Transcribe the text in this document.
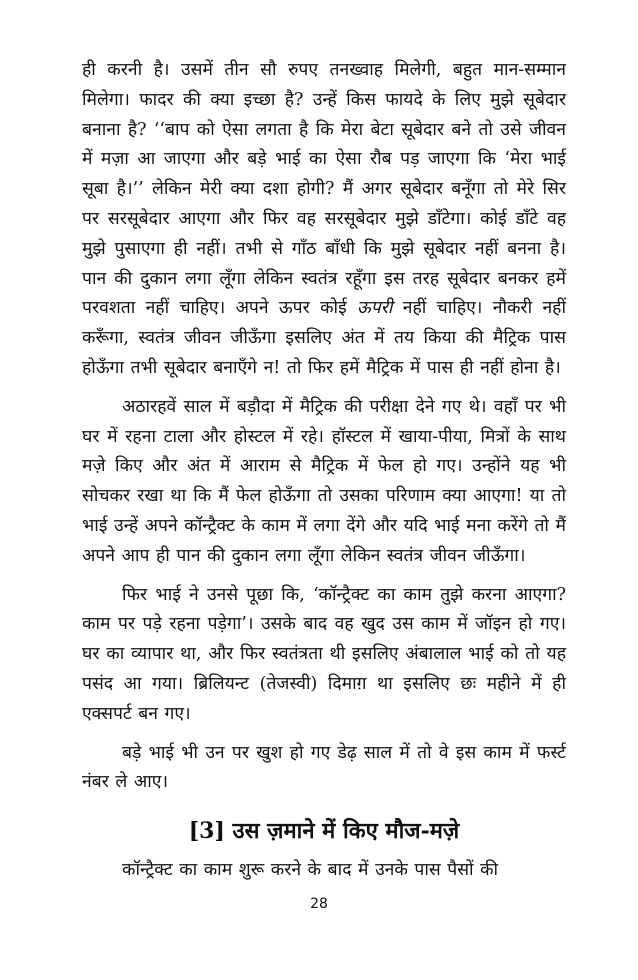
ही करनी है। उसमें तीन सौ रुपए तनख्वाह मिलेगी, बहुत मान-सम्मान मिलेगा। फादर की क्या इच्छा है? उन्हें किस फायदे के लिए मुझे सूबेदार बनाना है? ‘‘बाप को ऐसा लगता है कि मेरा बेटा सूबेदार बने तो उसे जीवन में मज़ा आ जाएगा और बड़े भाई का ऐसा रौब पड़ जाएगा कि ‘मेरा भाई सूबा है।’’ लेकिन मेरी क्या दशा होगी? मैं अगर सूबेदार बनूँगा तो मेरे सिर पर सरसूबेदार आएगा और फिर वह सरसूबेदार मुझे डाँटेगा। कोई डाँटे वह मुझे पुसाएगा ही नहीं। तभी से गाँठ बाँधी कि मुझे सूबेदार नहीं बनना है। पान की दुकान लगा लूँगा लेकिन स्वतंत्र रहूँगा इस तरह सूबेदार बनकर हमें परवशता नहीं चाहिए। अपने ऊपर कोई ऊपरी नहीं चाहिए। नौकरी नहीं करूँगा, स्वतंत्र जीवन जीऊँगा इसलिए अंत में तय किया की मैट्रिक पास होऊँगा तभी सूबेदार बनाएँगे न! तो फिर हमें मैट्रिक में पास ही नहीं होना है।

अठारहवें साल में बड़ौदा में मैट्रिक की परीक्षा देने गए थे। वहाँ पर भी घर में रहना टाला और होस्टल में रहे। हॉस्टल में खाया-पीया, मित्रों के साथ मज़े किए और अंत में आराम से मैट्रिक में फेल हो गए। उन्होंने यह भी सोचकर रखा था कि मैं फेल होऊँगा तो उसका परिणाम क्या आएगा! या तो भाई उन्हें अपने कॉन्ट्रैक्ट के काम में लगा देंगे और यदि भाई मना करेंगे तो मैं अपने आप ही पान की दुकान लगा लूँगा लेकिन स्वतंत्र जीवन जीऊँगा।

फिर भाई ने उनसे पूछा कि, ‘कॉन्ट्रैक्ट का काम तुझे करना आएगा? काम पर पड़े रहना पड़ेगा’। उसके बाद वह खुद उस काम में जॉइन हो गए। घर का व्यापार था, और फिर स्वतंत्रता थी इसलिए अंबालाल भाई को तो यह पसंद आ गया। ब्रिलियन्ट (तेजस्वी) दिमाग़ था इसलिए छः महीने में ही एक्सपर्ट बन गए।

बड़े भाई भी उन पर खुश हो गए डेढ़ साल में तो वे इस काम में फर्स्ट नंबर ले आए।

[3] उस ज़माने में किए मौज-मज़े

कॉन्ट्रैक्ट का काम शुरू करने के बाद में उनके पास पैसों की

28
